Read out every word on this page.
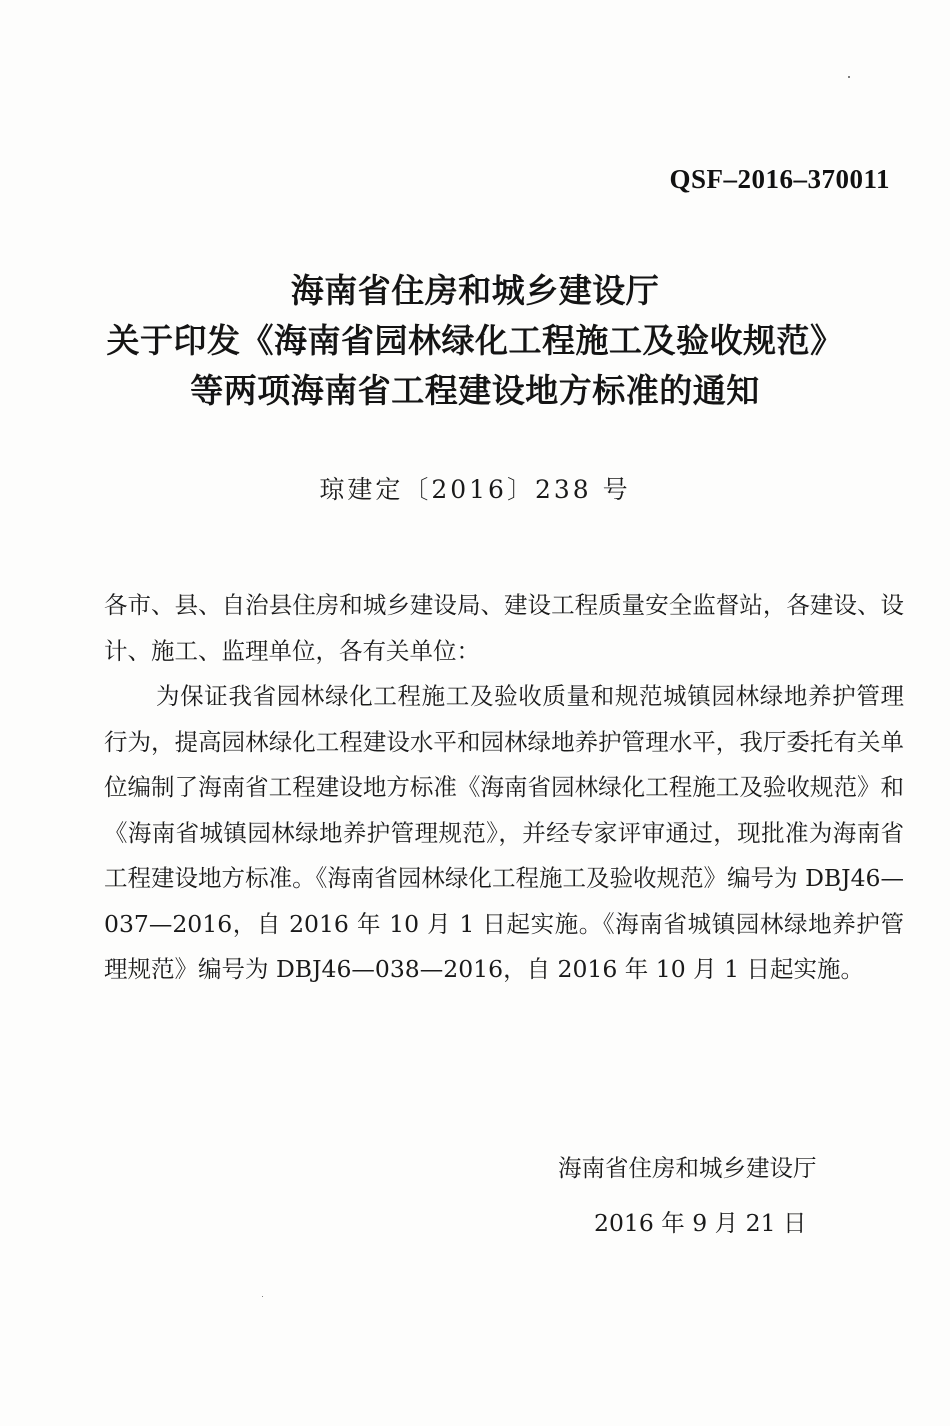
QSF–2016–370011
海南省住房和城乡建设厅
关于印发《海南省园林绿化工程施工及验收规范》
等两项海南省工程建设地方标准的通知
琼建定〔2016〕238 号

各市、县、自治县住房和城乡建设局、建设工程质量安全监督站，各建设、设计、施工、监理单位，各有关单位：

为保证我省园林绿化工程施工及验收质量和规范城镇园林绿地养护管理行为，提高园林绿化工程建设水平和园林绿地养护管理水平，我厅委托有关单位编制了海南省工程建设地方标准《海南省园林绿化工程施工及验收规范》和《海南省城镇园林绿地养护管理规范》，并经专家评审通过，现批准为海南省工程建设地方标准。《海南省园林绿化工程施工及验收规范》编号为 DBJ46—037—2016，自 2016 年 10 月 1 日起实施。《海南省城镇园林绿地养护管理规范》编号为 DBJ46—038—2016，自 2016 年 10 月 1 日起实施。

海南省住房和城乡建设厅
2016 年 9 月 21 日
